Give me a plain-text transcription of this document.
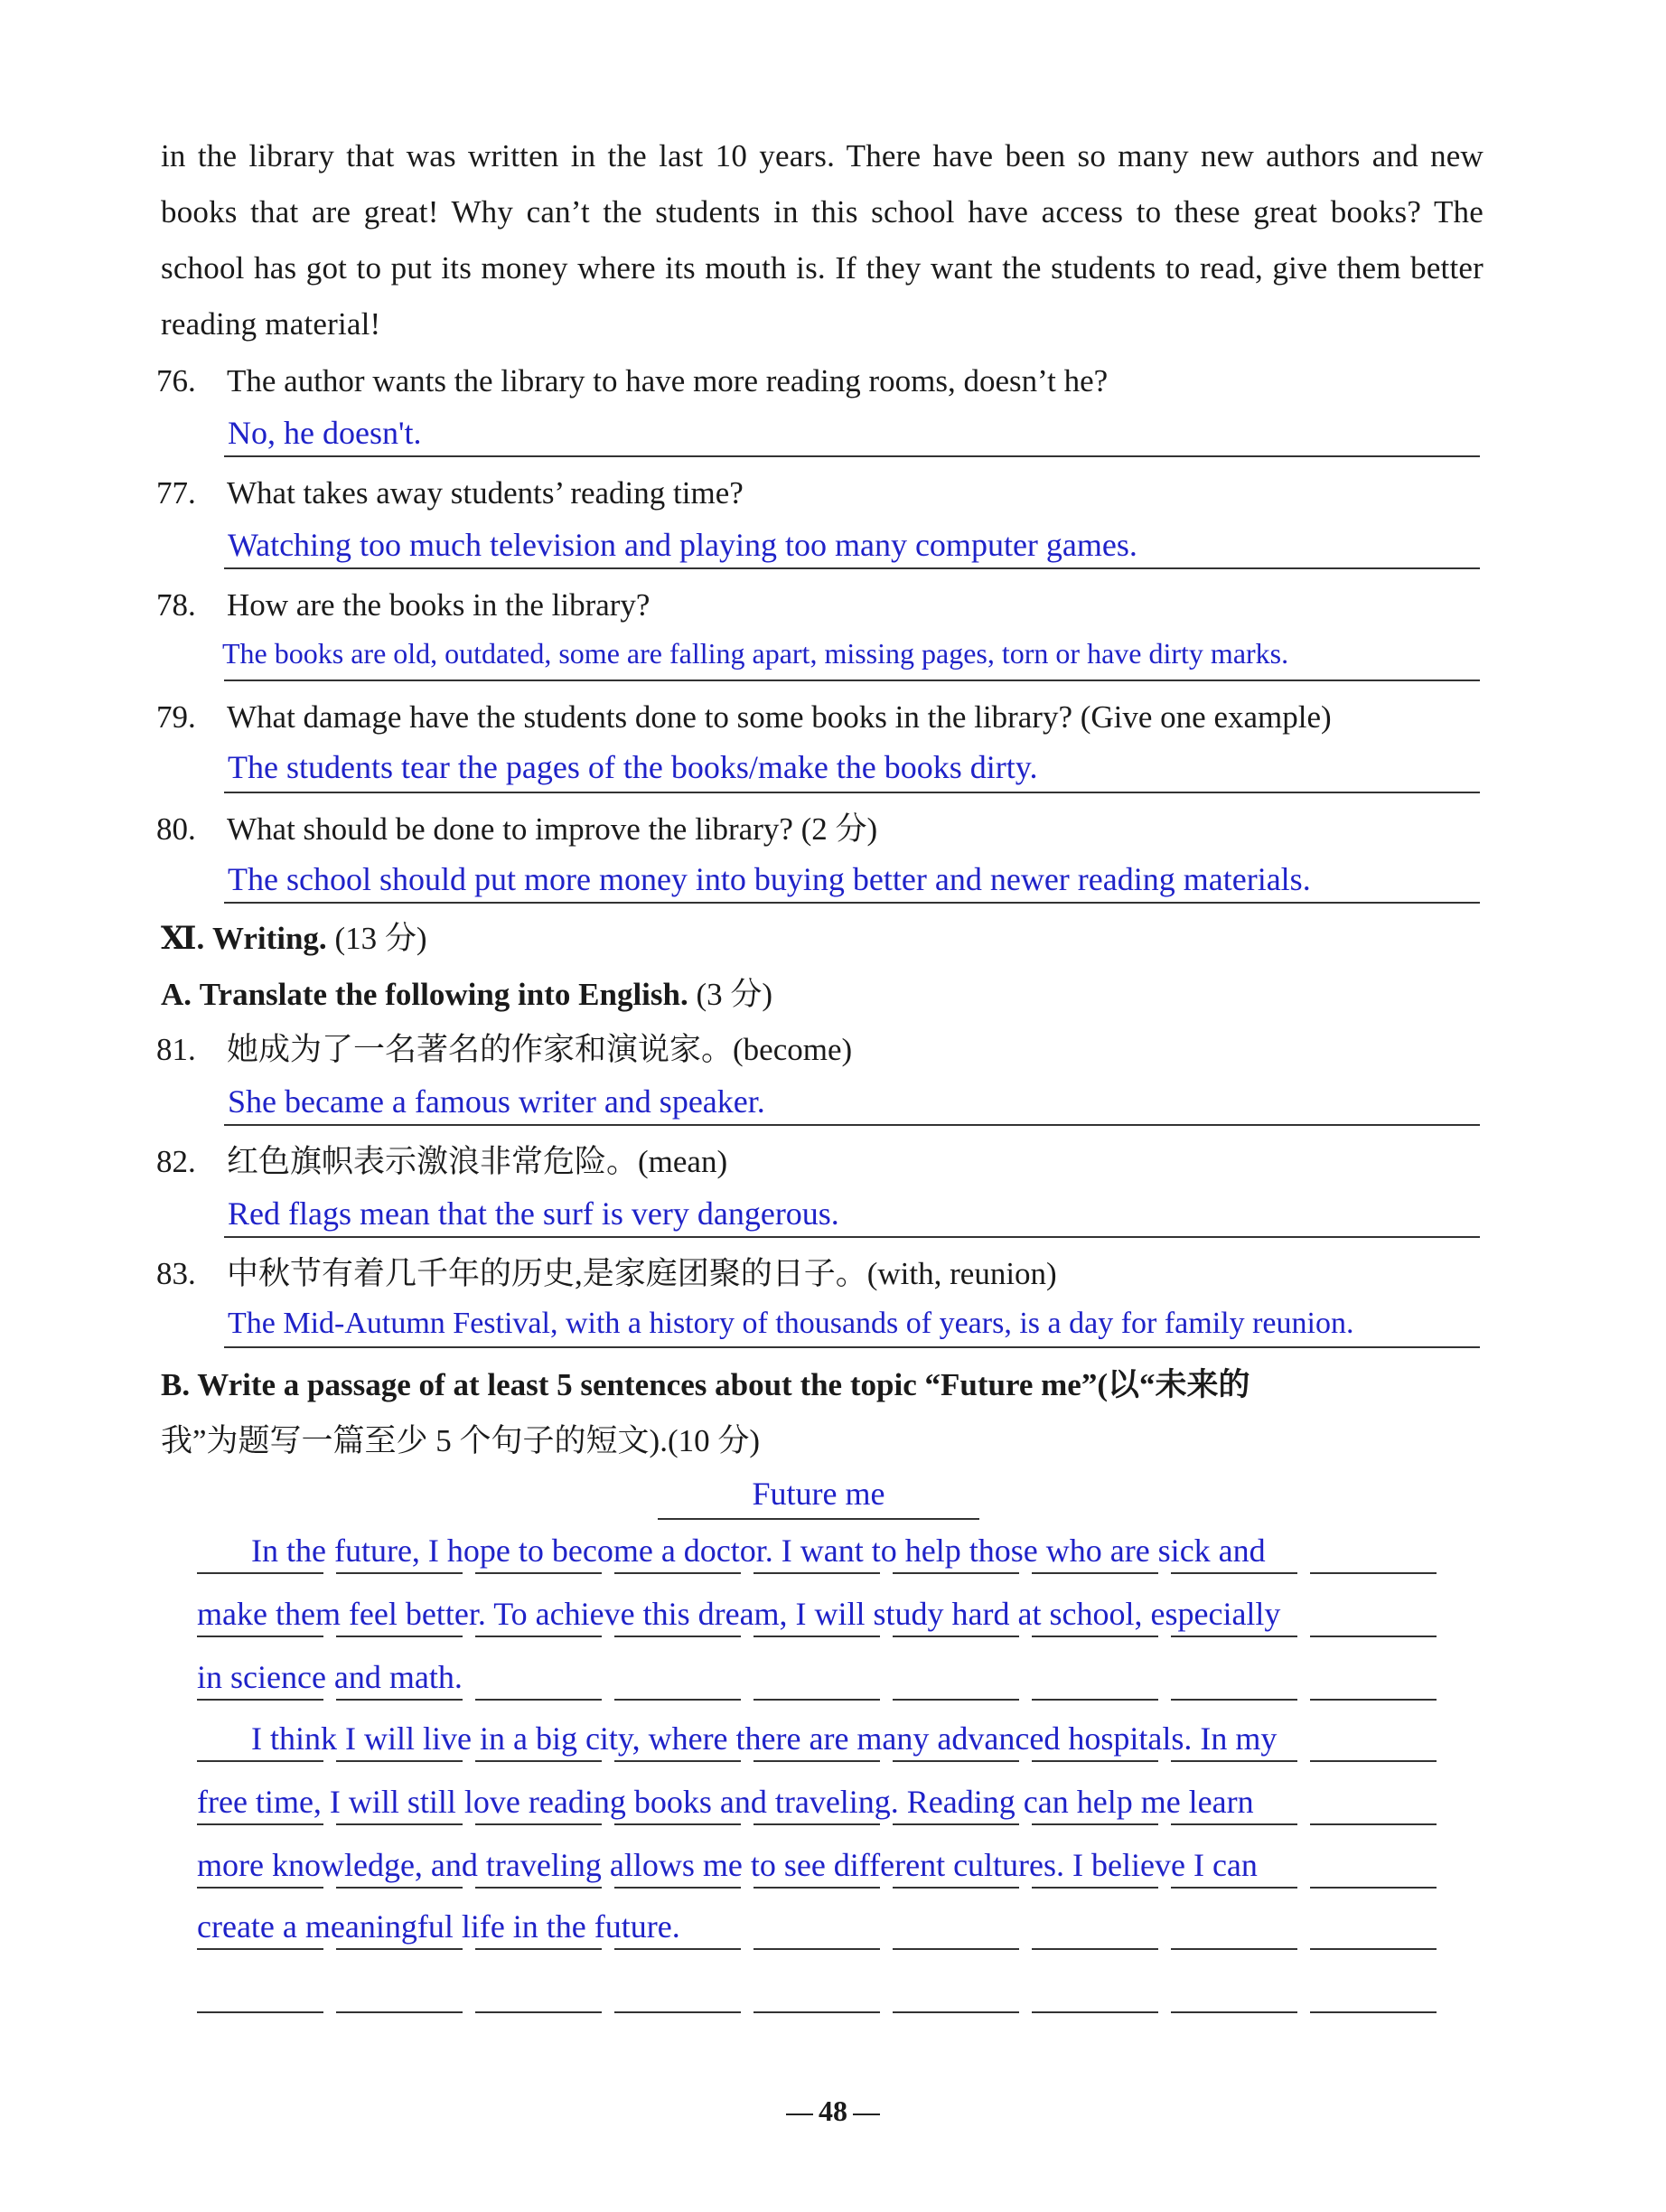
in the library that was written in the last 10 years. There have been so many new authors and new books that are great! Why can’t the students in this school have access to these great books? The school has got to put its money where its mouth is. If they want the students to read, give them better reading material!
76. The author wants the library to have more reading rooms, doesn’t he?
No, he doesn't.
77. What takes away students’ reading time?
Watching too much television and playing too many computer games.
78. How are the books in the library?
The books are old, outdated, some are falling apart, missing pages, torn or have dirty marks.
79. What damage have the students done to some books in the library? (Give one example)
The students tear the pages of the books/make the books dirty.
80. What should be done to improve the library? (2 分)
The school should put more money into buying better and newer reading materials.
Ⅺ. Writing. (13 分)
A. Translate the following into English. (3 分)
81. 她成为了一名著名的作家和演说家。(become)
She became a famous writer and speaker.
82. 红色旗帜表示激浪非常危险。(mean)
Red flags mean that the surf is very dangerous.
83. 中秋节有着几千年的历史,是家庭团聚的日子。(with, reunion)
The Mid-Autumn Festival, with a history of thousands of years, is a day for family reunion.
B. Write a passage of at least 5 sentences about the topic “Future me”(以“未来的
我”为题写一篇至少 5 个句子的短文).(10 分)
Future me
In the future, I hope to become a doctor. I want to help those who are sick and
make them feel better. To achieve this dream, I will study hard at school, especially
in science and math.
I think I will live in a big city, where there are many advanced hospitals. In my
free time, I will still love reading books and traveling. Reading can help me learn
more knowledge, and traveling allows me to see different cultures. I believe I can
create a meaningful life in the future.
48
